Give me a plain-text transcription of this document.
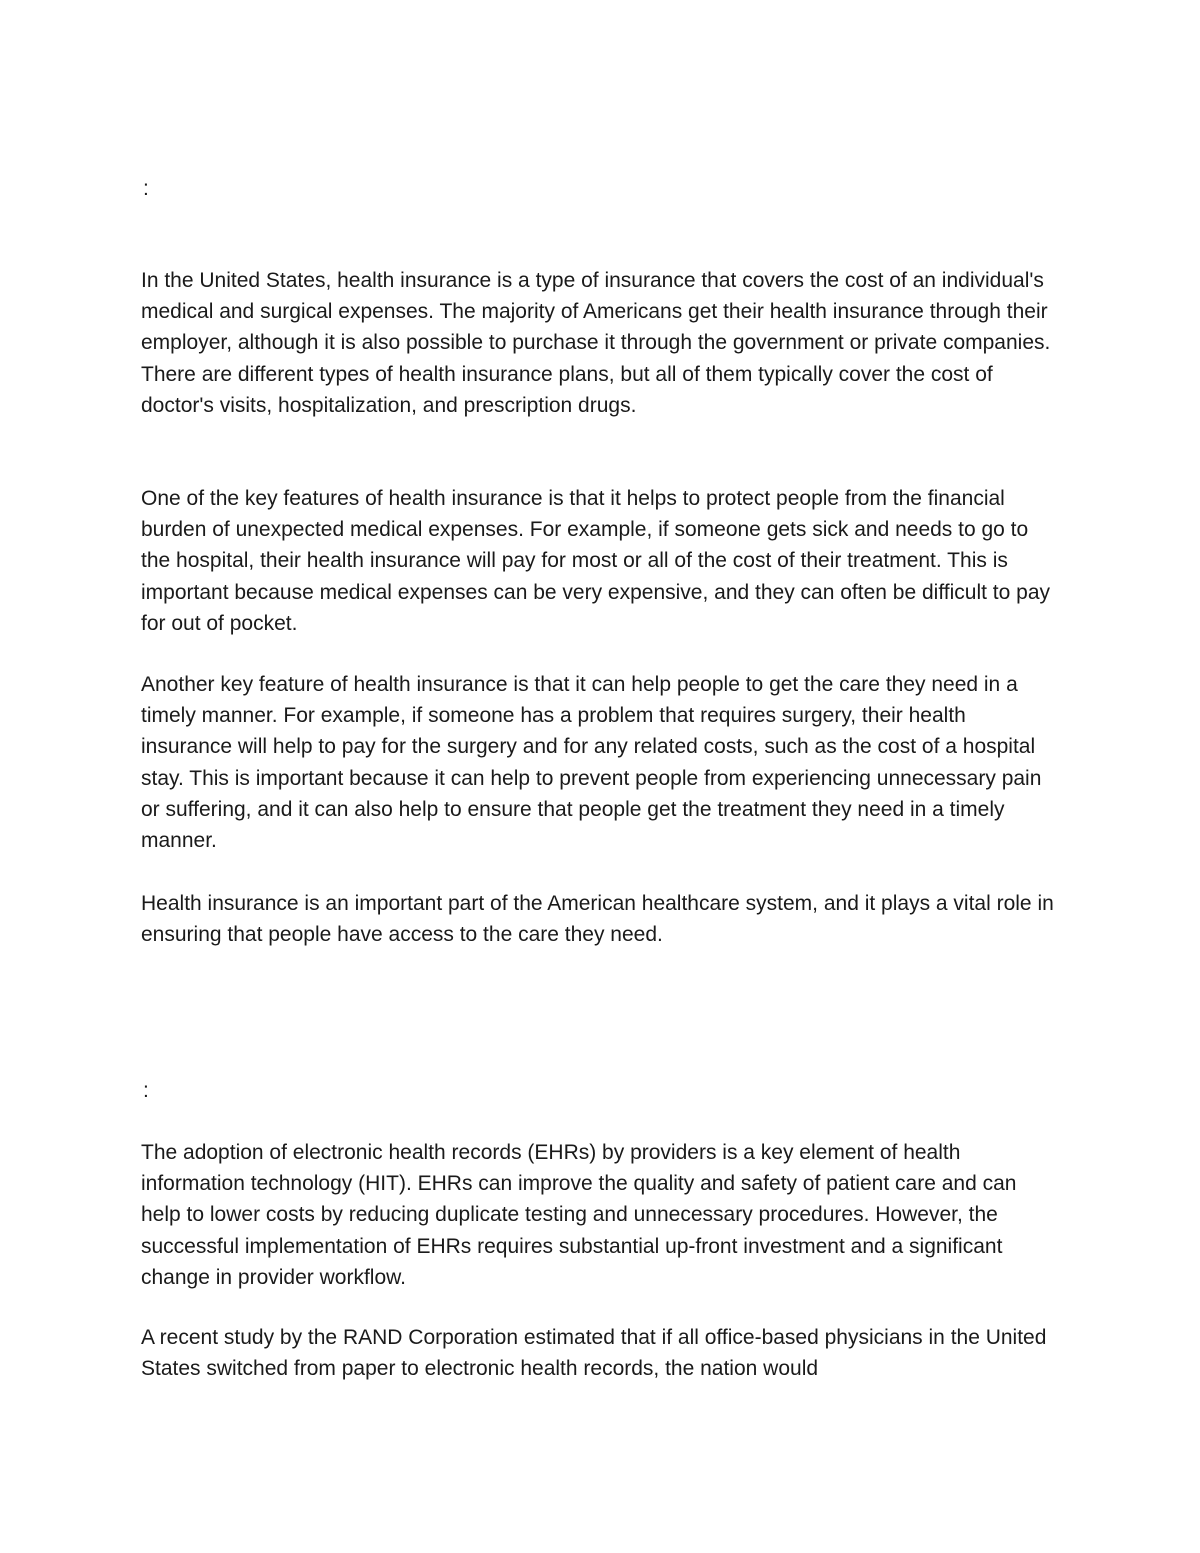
:

In the United States, health insurance is a type of insurance that covers the cost of an individual's medical and surgical expenses. The majority of Americans get their health insurance through their employer, although it is also possible to purchase it through the government or private companies. There are different types of health insurance plans, but all of them typically cover the cost of doctor's visits, hospitalization, and prescription drugs.

One of the key features of health insurance is that it helps to protect people from the financial burden of unexpected medical expenses. For example, if someone gets sick and needs to go to the hospital, their health insurance will pay for most or all of the cost of their treatment. This is important because medical expenses can be very expensive, and they can often be difficult to pay for out of pocket.

Another key feature of health insurance is that it can help people to get the care they need in a timely manner. For example, if someone has a problem that requires surgery, their health insurance will help to pay for the surgery and for any related costs, such as the cost of a hospital stay. This is important because it can help to prevent people from experiencing unnecessary pain or suffering, and it can also help to ensure that people get the treatment they need in a timely manner.

Health insurance is an important part of the American healthcare system, and it plays a vital role in ensuring that people have access to the care they need.

:

The adoption of electronic health records (EHRs) by providers is a key element of health information technology (HIT). EHRs can improve the quality and safety of patient care and can help to lower costs by reducing duplicate testing and unnecessary procedures. However, the successful implementation of EHRs requires substantial up-front investment and a significant change in provider workflow.

A recent study by the RAND Corporation estimated that if all office-based physicians in the United States switched from paper to electronic health records, the nation would
